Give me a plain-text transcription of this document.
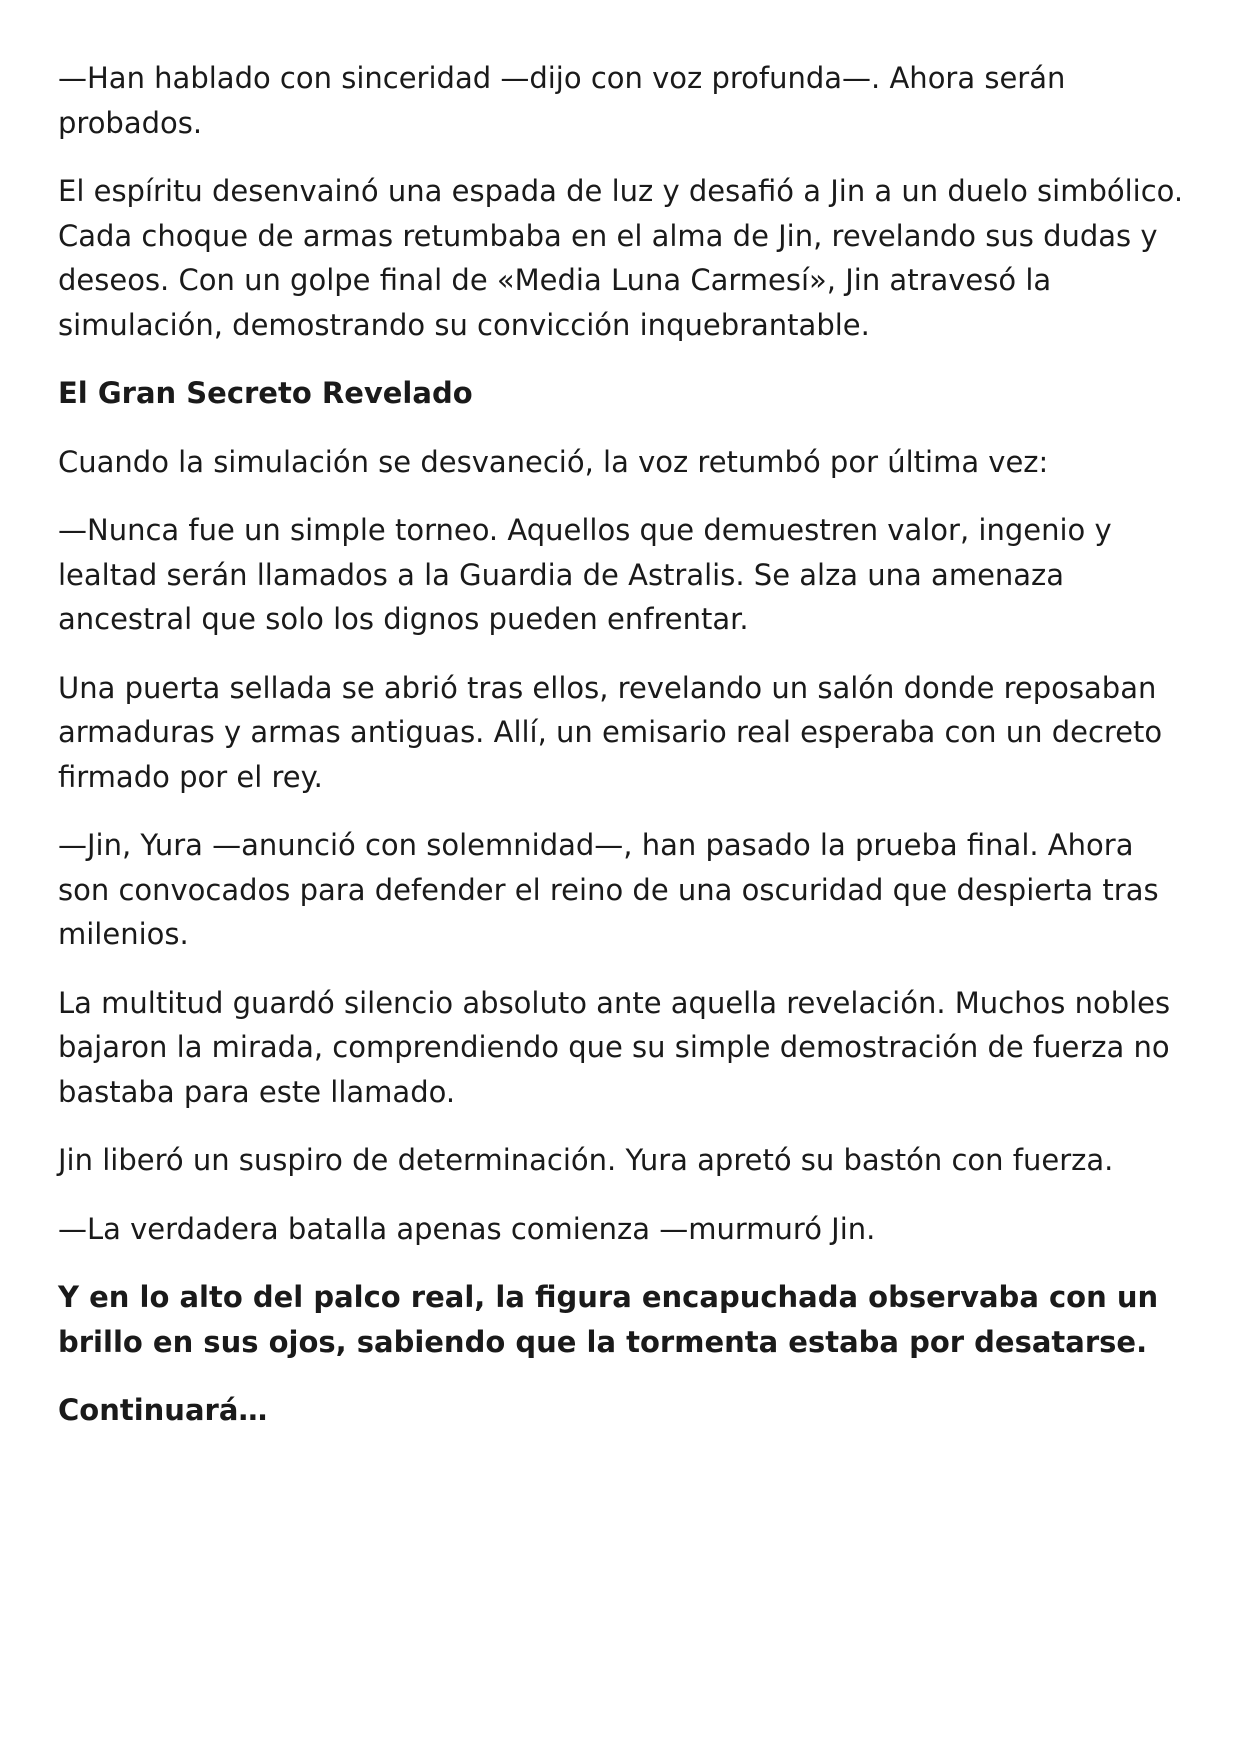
—Han hablado con sinceridad —dijo con voz profunda—. Ahora serán
probados.

El espíritu desenvainó una espada de luz y desafió a Jin a un duelo simbólico.
Cada choque de armas retumbaba en el alma de Jin, revelando sus dudas y
deseos. Con un golpe final de «Media Luna Carmesí», Jin atravesó la
simulación, demostrando su convicción inquebrantable.

El Gran Secreto Revelado

Cuando la simulación se desvaneció, la voz retumbó por última vez:

—Nunca fue un simple torneo. Aquellos que demuestren valor, ingenio y
lealtad serán llamados a la Guardia de Astralis. Se alza una amenaza
ancestral que solo los dignos pueden enfrentar.

Una puerta sellada se abrió tras ellos, revelando un salón donde reposaban
armaduras y armas antiguas. Allí, un emisario real esperaba con un decreto
firmado por el rey.

—Jin, Yura —anunció con solemnidad—, han pasado la prueba final. Ahora
son convocados para defender el reino de una oscuridad que despierta tras
milenios.

La multitud guardó silencio absoluto ante aquella revelación. Muchos nobles
bajaron la mirada, comprendiendo que su simple demostración de fuerza no
bastaba para este llamado.

Jin liberó un suspiro de determinación. Yura apretó su bastón con fuerza.

—La verdadera batalla apenas comienza —murmuró Jin.

Y en lo alto del palco real, la figura encapuchada observaba con un
brillo en sus ojos, sabiendo que la tormenta estaba por desatarse.

Continuará…
